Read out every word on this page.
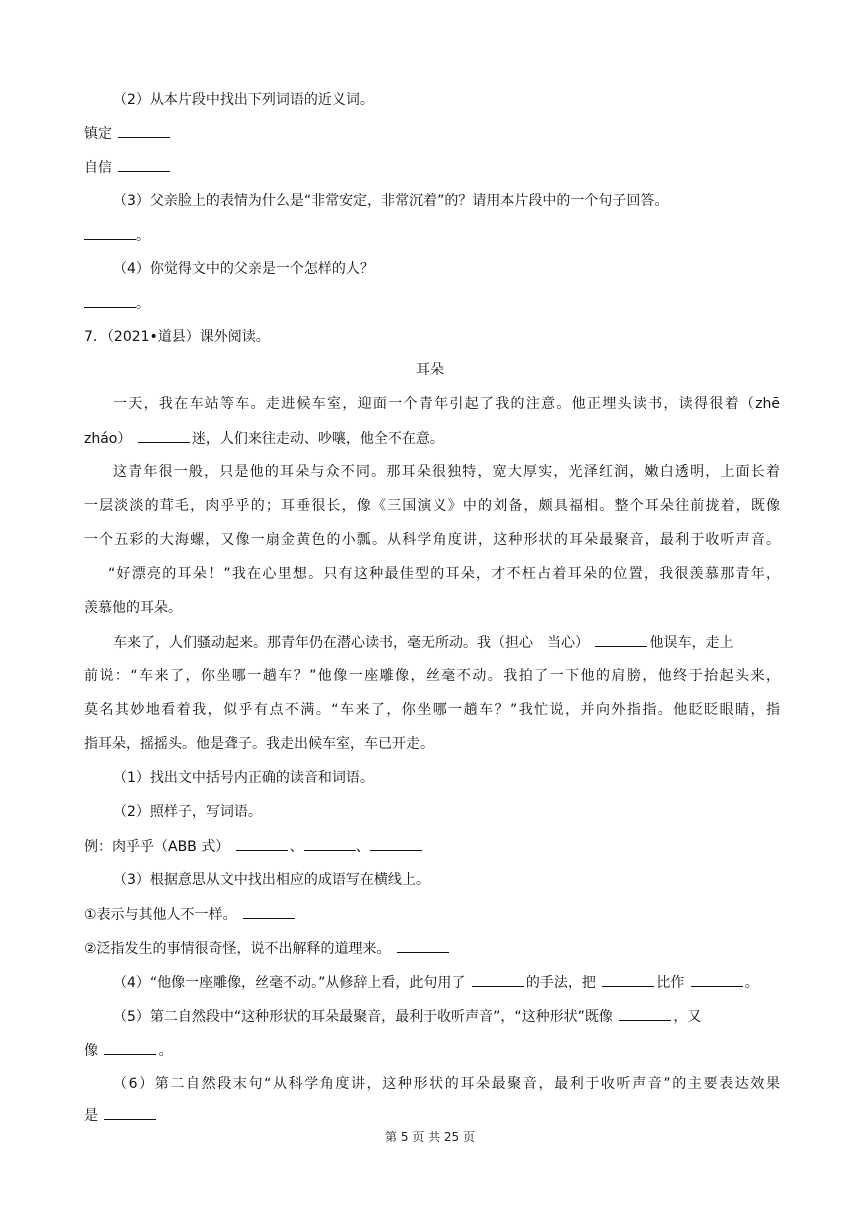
（2）从本片段中找出下列词语的近义词。
镇定
自信
（3）父亲脸上的表情为什么是“非常安定，非常沉着”的？请用本片段中的一个句子回答。
。
（4）你觉得文中的父亲是一个怎样的人？
。
7．（2021•道县）课外阅读。
耳朵
一天，我在车站等车。走进候车室，迎面一个青年引起了我的注意。他正埋头读书，读得很着（zhē
zháo）	迷，人们来往走动、吵嚷，他全不在意。
这青年很一般，只是他的耳朵与众不同。那耳朵很独特，宽大厚实，光泽红润，嫩白透明，上面长着
一层淡淡的茸毛，肉乎乎的；耳垂很长，像《三国演义》中的刘备，颇具福相。整个耳朵往前拢着，既像
一个五彩的大海螺，又像一扇金黄色的小瓢。从科学角度讲，这种形状的耳朵最聚音，最利于收听声音。
“好漂亮的耳朵！”我在心里想。只有这种最佳型的耳朵，才不枉占着耳朵的位置，我很羡慕那青年，
羡慕他的耳朵。
车来了，人们骚动起来。那青年仍在潜心读书，毫无所动。我（担心　当心）	他误车，走上
前说：“车来了，你坐哪一趟车？”他像一座雕像，丝毫不动。我拍了一下他的肩膀，他终于抬起头来，
莫名其妙地看着我，似乎有点不满。“车来了，你坐哪一趟车？”我忙说，并向外指指。他眨眨眼睛，指
指耳朵，摇摇头。他是聋子。我走出候车室，车已开走。
（1）找出文中括号内正确的读音和词语。
（2）照样子，写词语。
例：肉乎乎（ABB 式）	、	、
（3）根据意思从文中找出相应的成语写在横线上。
①表示与其他人不一样。
②泛指发生的事情很奇怪，说不出解释的道理来。
（4）“他像一座雕像，丝毫不动。”从修辞上看，此句用了	的手法，把	比作	。
（5）第二自然段中“这种形状的耳朵最聚音，最利于收听声音”，“这种形状”既像	，又
像	。
（6）第二自然段末句“从科学角度讲，这种形状的耳朵最聚音，最利于收听声音”的主要表达效果
是
第 5 页 共 25 页
